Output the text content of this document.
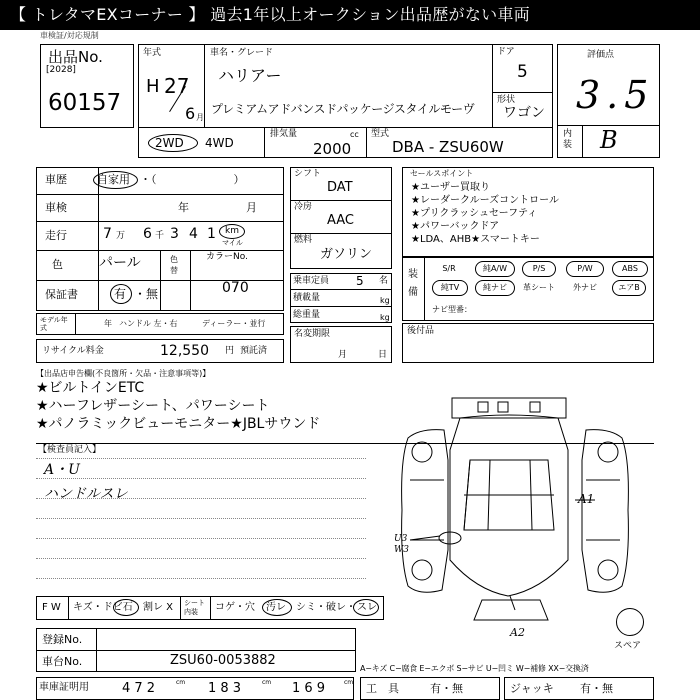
【 トレタマEXコーナー 】 過去1年以上オークション出品歴がない車両
車検証/対応規制
出品No.
[2028]
60157
年式
H 27
6 月
車名・グレード
ハリアー
プレミアムアドバンスドパッケージスタイルモーヴ
ドア
5
形状
ワゴン
評価点
3.5
内装 B
2WD 4WD
排気量	cc
2000
型式
DBA - ZSU60W
車歴	自家用 ・（　　　　　　　）
車検	年	月
走行	7 万 6 千 3 4 1 km
マイル
色	パール	色替
カラーNo.
070
保証書	有 ・無
モデル年式	年 ハンドル 左・右	ディーラー・並行
リサイクル料金	12,550 円 預託済
シフト
DAT
冷房
AAC
燃料
ガソリン
乗車定員 5 名
積載量	kg
総重量	kg
名変期限
月	日
セールスポイント
★ユーザー買取り
★レーダークルーズコントロール
★プリクラッシュセーフティ
★パワーバックドア
★LDA、AHB★スマートキー
装備
S/R	純A/W	P/S	P/W	ABS
純TV	純ナビ	革シート	外ナビ	エアB
ナビ型番：
後付品
【出品店申告欄(不良箇所・欠品・注意事項等)】
★ビルトインETC
★ハーフレザーシート、パワーシート
★パノラミックビューモニター★JBLサウンド
【検査員記入】
A・U
ハンドルスレ	A1
U3
W3
A2
スペア
F W キズ・ドビ石 割レ X シート内装	コゲ・穴 汚レ シミ・破レ・ スレ
登録No.
車台No.	ZSU60-0053882
A−キズ C−腐食 E−エクボ S−サビ U−凹ミ W−補修 XX−交換済
車庫証明用	4 7 2	cm 1 8 3	cm 1 6 9	cm 工　具	有・無	ジャッキ 有・無
